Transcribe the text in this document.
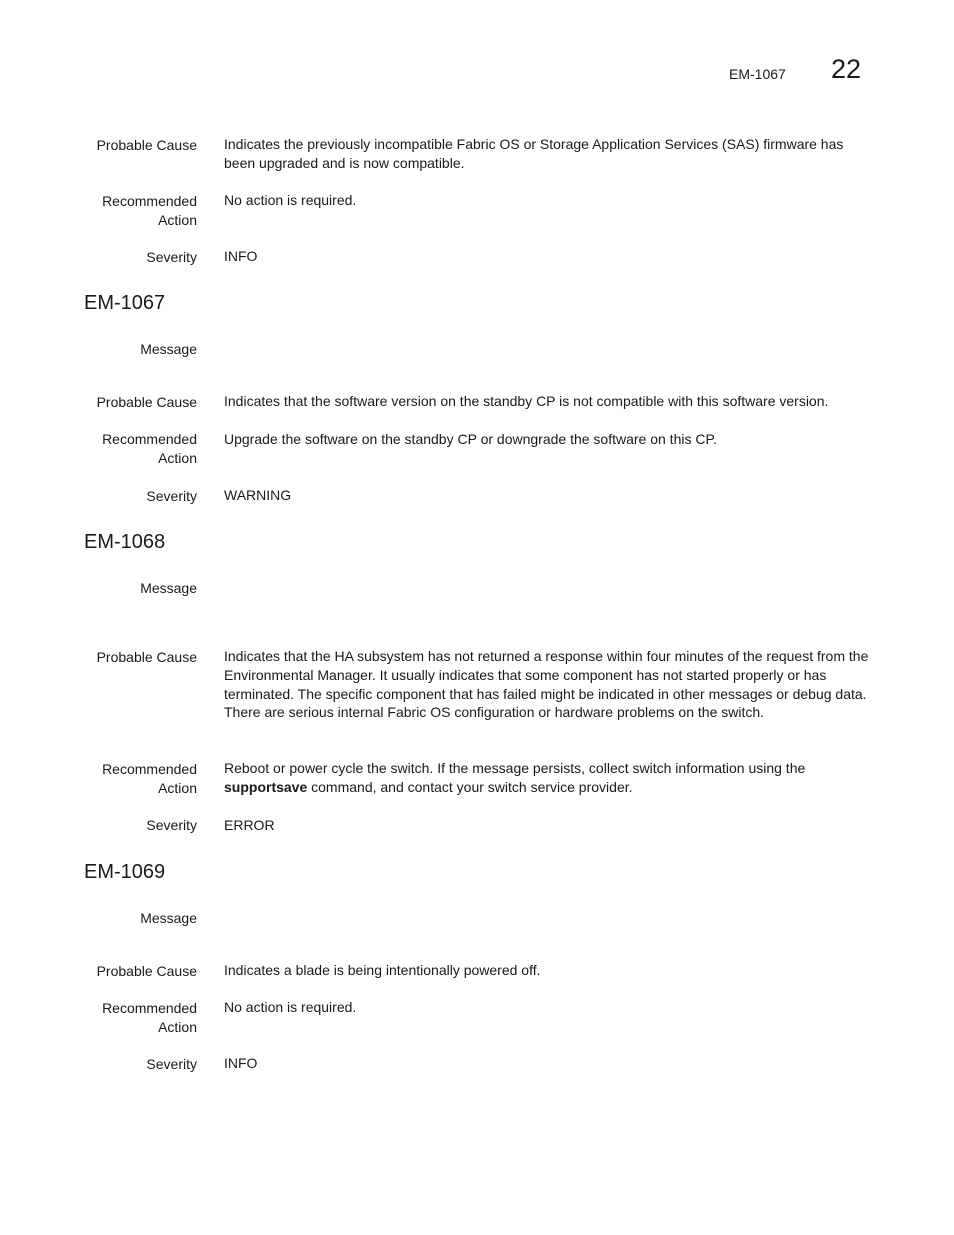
EM-1067 22
Probable Cause Indicates the previously incompatible Fabric OS or Storage Application Services (SAS) firmware has been upgraded and is now compatible.
Recommended
Action
No action is required.
Severity INFO
EM-1067
Message
Probable Cause Indicates that the software version on the standby CP is not compatible with this software version.
Recommended
Action
Upgrade the software on the standby CP or downgrade the software on this CP.
Severity WARNING
EM-1068
Message
Probable Cause Indicates that the HA subsystem has not returned a response within four minutes of the request from the Environmental Manager. It usually indicates that some component has not started properly or has terminated. The specific component that has failed might be indicated in other messages or debug data. There are serious internal Fabric OS configuration or hardware problems on the switch.
Recommended
Action
Reboot or power cycle the switch. If the message persists, collect switch information using the supportsave command, and contact your switch service provider.
Severity ERROR
EM-1069
Message
Probable Cause Indicates a blade is being intentionally powered off.
Recommended
Action
No action is required.
Severity INFO
